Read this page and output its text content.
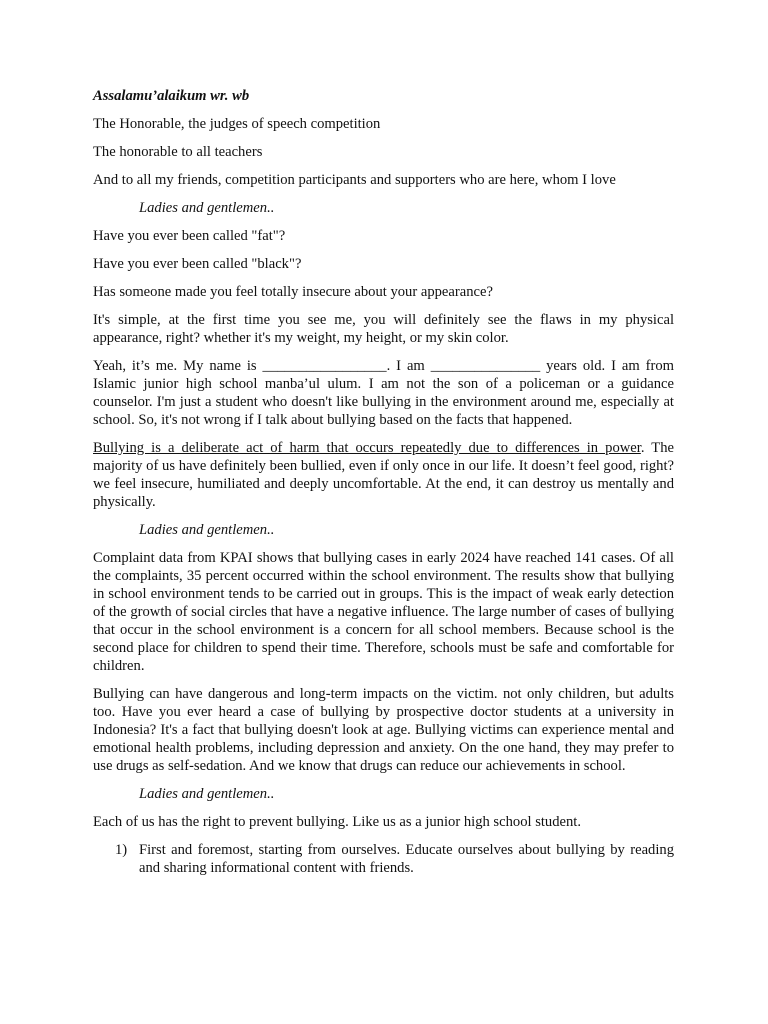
Assalamu’alaikum wr. wb

The Honorable, the judges of speech competition

The honorable to all teachers

And to all my friends, competition participants and supporters who are here, whom I love

Ladies and gentlemen..

Have you ever been called "fat"?

Have you ever been called "black"?

Has someone made you feel totally insecure about your appearance?

It's simple, at the first time you see me, you will definitely see the flaws in my physical appearance, right? whether it's my weight, my height, or my skin color.

Yeah, it’s me. My name is _________________. I am _______________ years old. I am from Islamic junior high school manba’ul ulum. I am not the son of a policeman or a guidance counselor. I'm just a student who doesn't like bullying in the environment around me, especially at school. So, it's not wrong if I talk about bullying based on the facts that happened.

Bullying is a deliberate act of harm that occurs repeatedly due to differences in power. The majority of us have definitely been bullied, even if only once in our life. It doesn’t feel good, right? we feel insecure, humiliated and deeply uncomfortable. At the end, it can destroy us mentally and physically.

Ladies and gentlemen..

Complaint data from KPAI shows that bullying cases in early 2024 have reached 141 cases. Of all the complaints, 35 percent occurred within the school environment. The results show that bullying in school environment tends to be carried out in groups. This is the impact of weak early detection of the growth of social circles that have a negative influence. The large number of cases of bullying that occur in the school environment is a concern for all school members. Because school is the second place for children to spend their time. Therefore, schools must be safe and comfortable for children.

Bullying can have dangerous and long-term impacts on the victim. not only children, but adults too. Have you ever heard a case of bullying by prospective doctor students at a university in Indonesia? It's a fact that bullying doesn't look at age. Bullying victims can experience mental and emotional health problems, including depression and anxiety. On the one hand, they may prefer to use drugs as self-sedation. And we know that drugs can reduce our achievements in school.

Ladies and gentlemen..

Each of us has the right to prevent bullying. Like us as a junior high school student.

1) First and foremost, starting from ourselves. Educate ourselves about bullying by reading and sharing informational content with friends.
